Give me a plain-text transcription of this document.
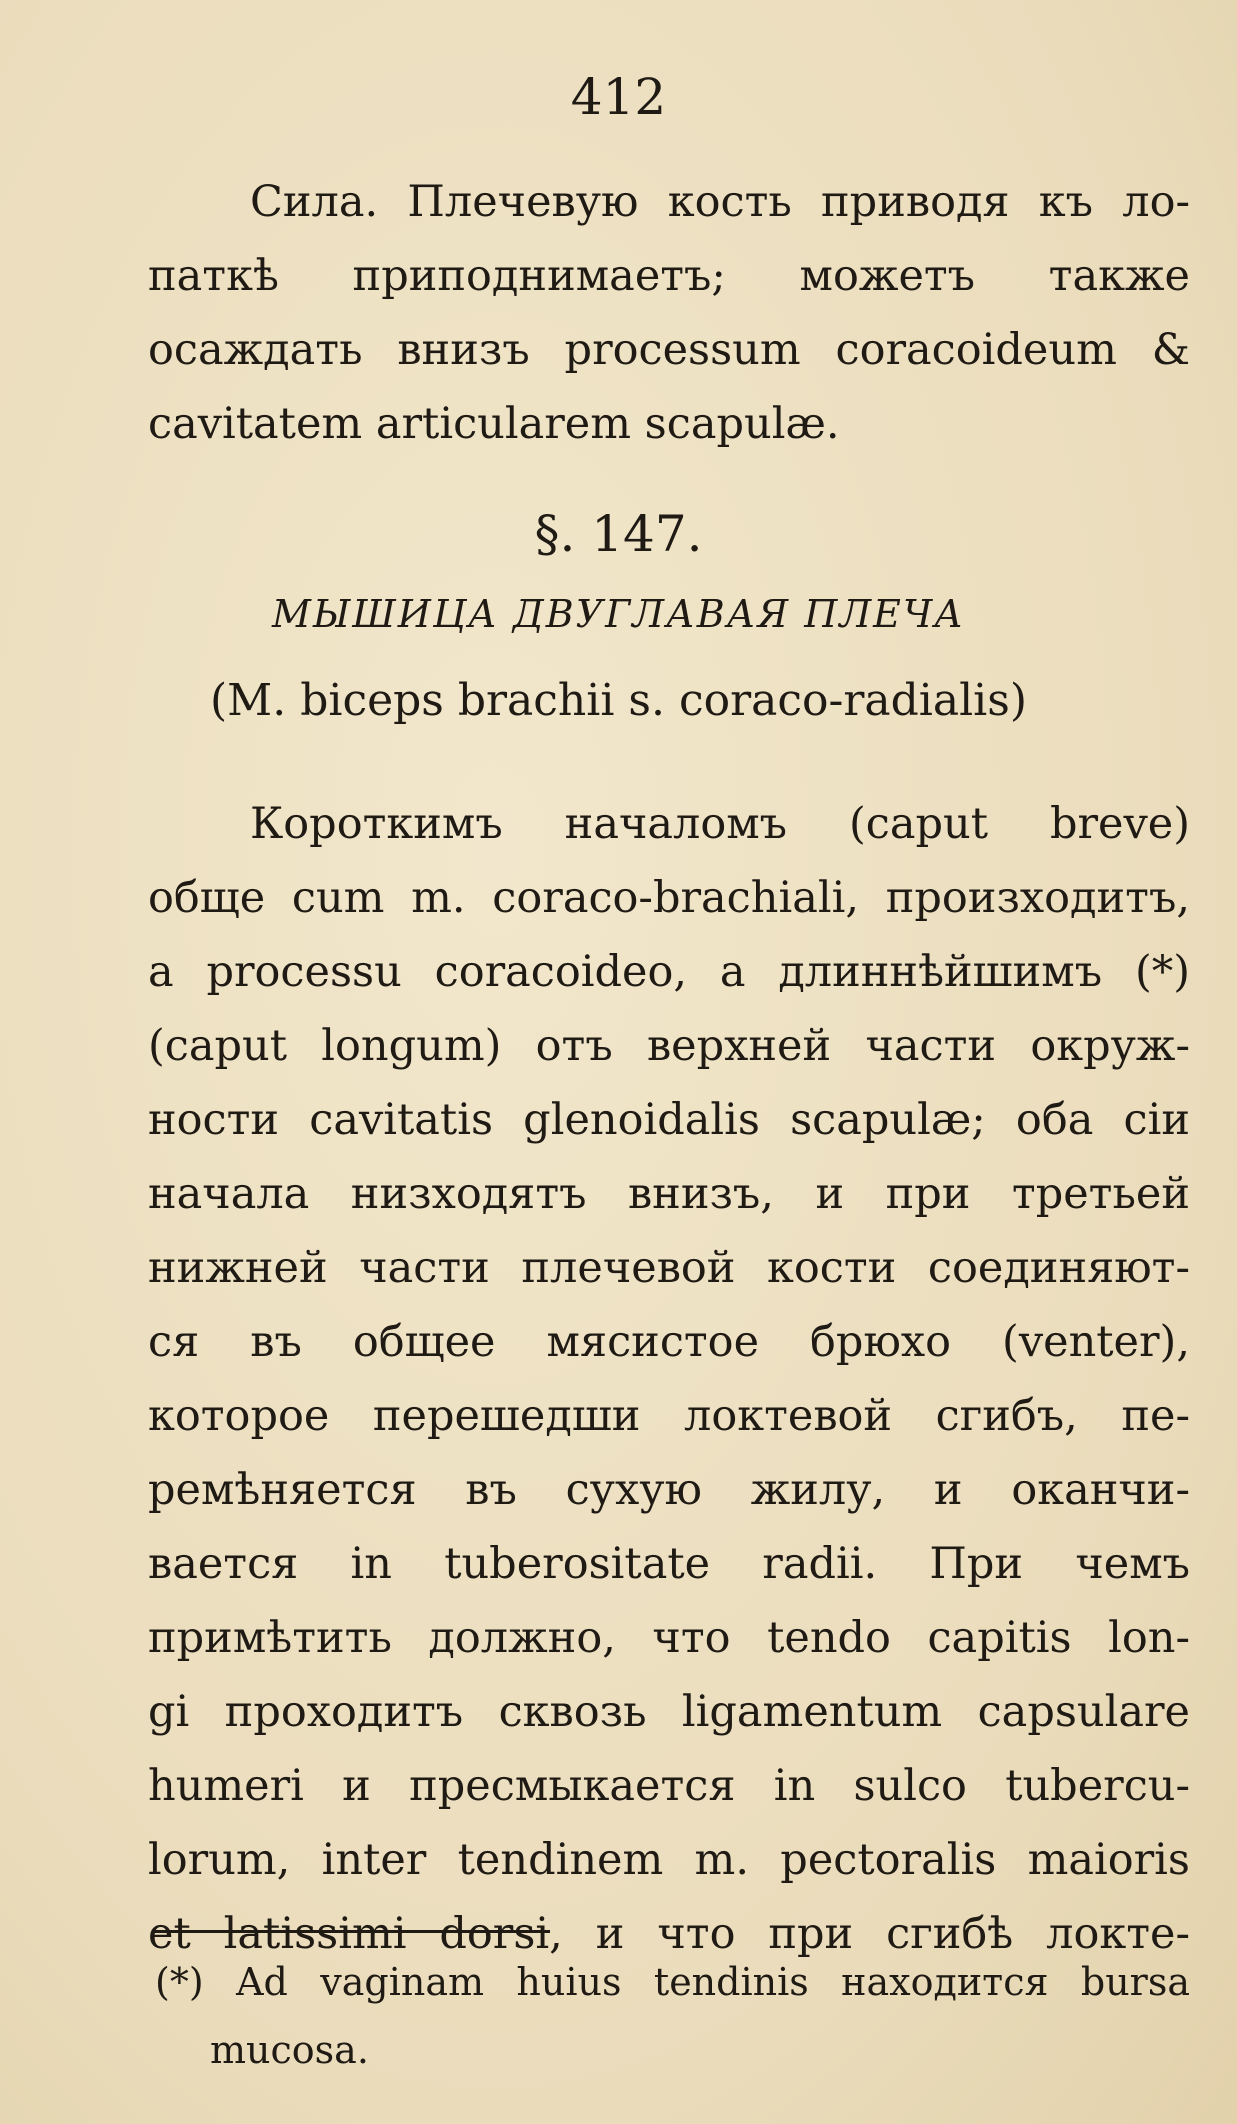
412
Сила. Плечевую кость приводя къ ло-
паткѣ приподнимаетъ; можетъ также
осаждать внизъ processum coracoideum &
cavitatem articularem scapulæ.
§. 147.
МЫШИЦА ДВУГЛАВАЯ ПЛЕЧА
(M. biceps brachii s. coraco-radialis)
Короткимъ началомъ (caput breve)
обще cum m. coraco-brachiali, произходитъ,
a processu coracoideo, а длиннѣйшимъ (*)
(caput longum) отъ верхней части окруж-
ности cavitatis glenoidalis scapulæ; оба сіи
начала низходятъ внизъ, и при третьей
нижней части плечевой кости соединяют-
ся въ общее мясистое брюхо (venter),
которое перешедши локтевой сгибъ, пе-
ремѣняется въ сухую жилу, и оканчи-
вается in tuberositate radii. При чемъ
примѣтить должно, что tendo capitis lon-
gi проходитъ сквозь ligamentum capsulare
humeri и пресмыкается in sulco tubercu-
lorum, inter tendinem m. pectoralis maioris
et latissimi dorsi, и что при сгибѣ локте-
(*) Ad vaginam huius tendinis находится bursa
mucosa.
